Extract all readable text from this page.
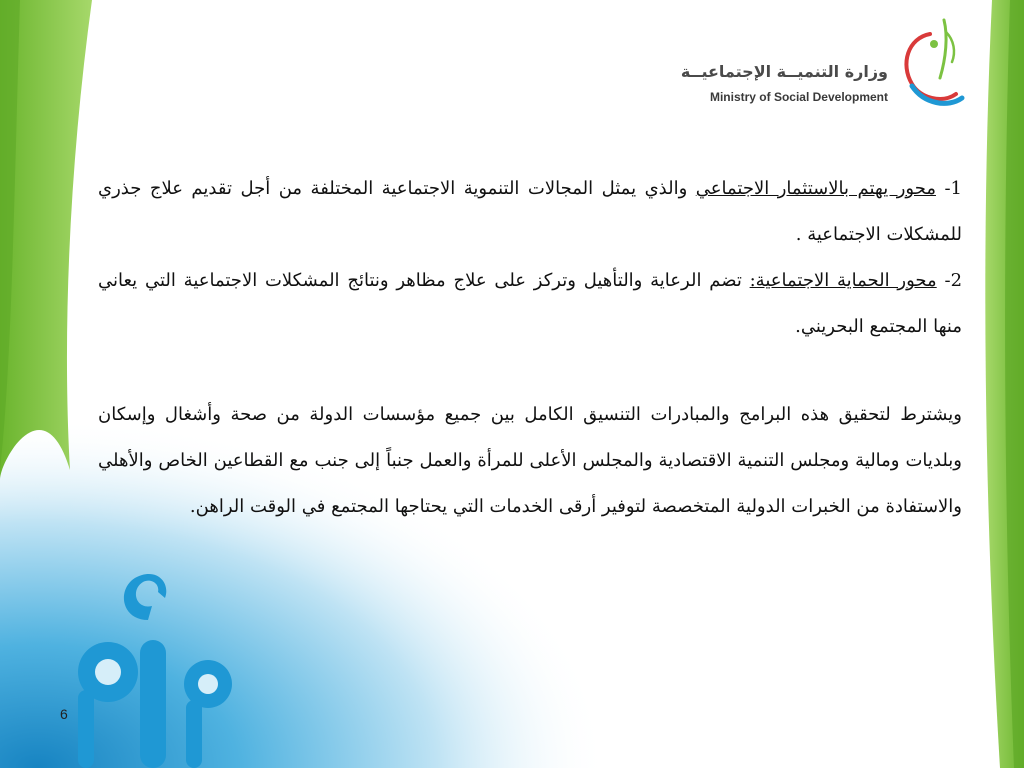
وزارة التنميــة الإجتماعيــة
Ministry of Social Development

1- محور يهتم بالاستثمار الاجتماعي والذي يمثل المجالات التنموية الاجتماعية المختلفة من أجل تقديم علاج جذري للمشكلات الاجتماعية .

2- محور الحماية الاجتماعية: تضم الرعاية والتأهيل وتركز على علاج مظاهر ونتائج المشكلات الاجتماعية التي يعاني منها المجتمع البحريني.

ويشترط لتحقيق هذه البرامج والمبادرات التنسيق الكامل بين جميع مؤسسات الدولة من صحة وأشغال وإسكان وبلديات ومالية ومجلس التنمية الاقتصادية والمجلس الأعلى للمرأة والعمل جنباً إلى جنب مع القطاعين الخاص والأهلي والاستفادة من الخبرات الدولية المتخصصة لتوفير أرقى الخدمات التي يحتاجها المجتمع في الوقت الراهن.

6
